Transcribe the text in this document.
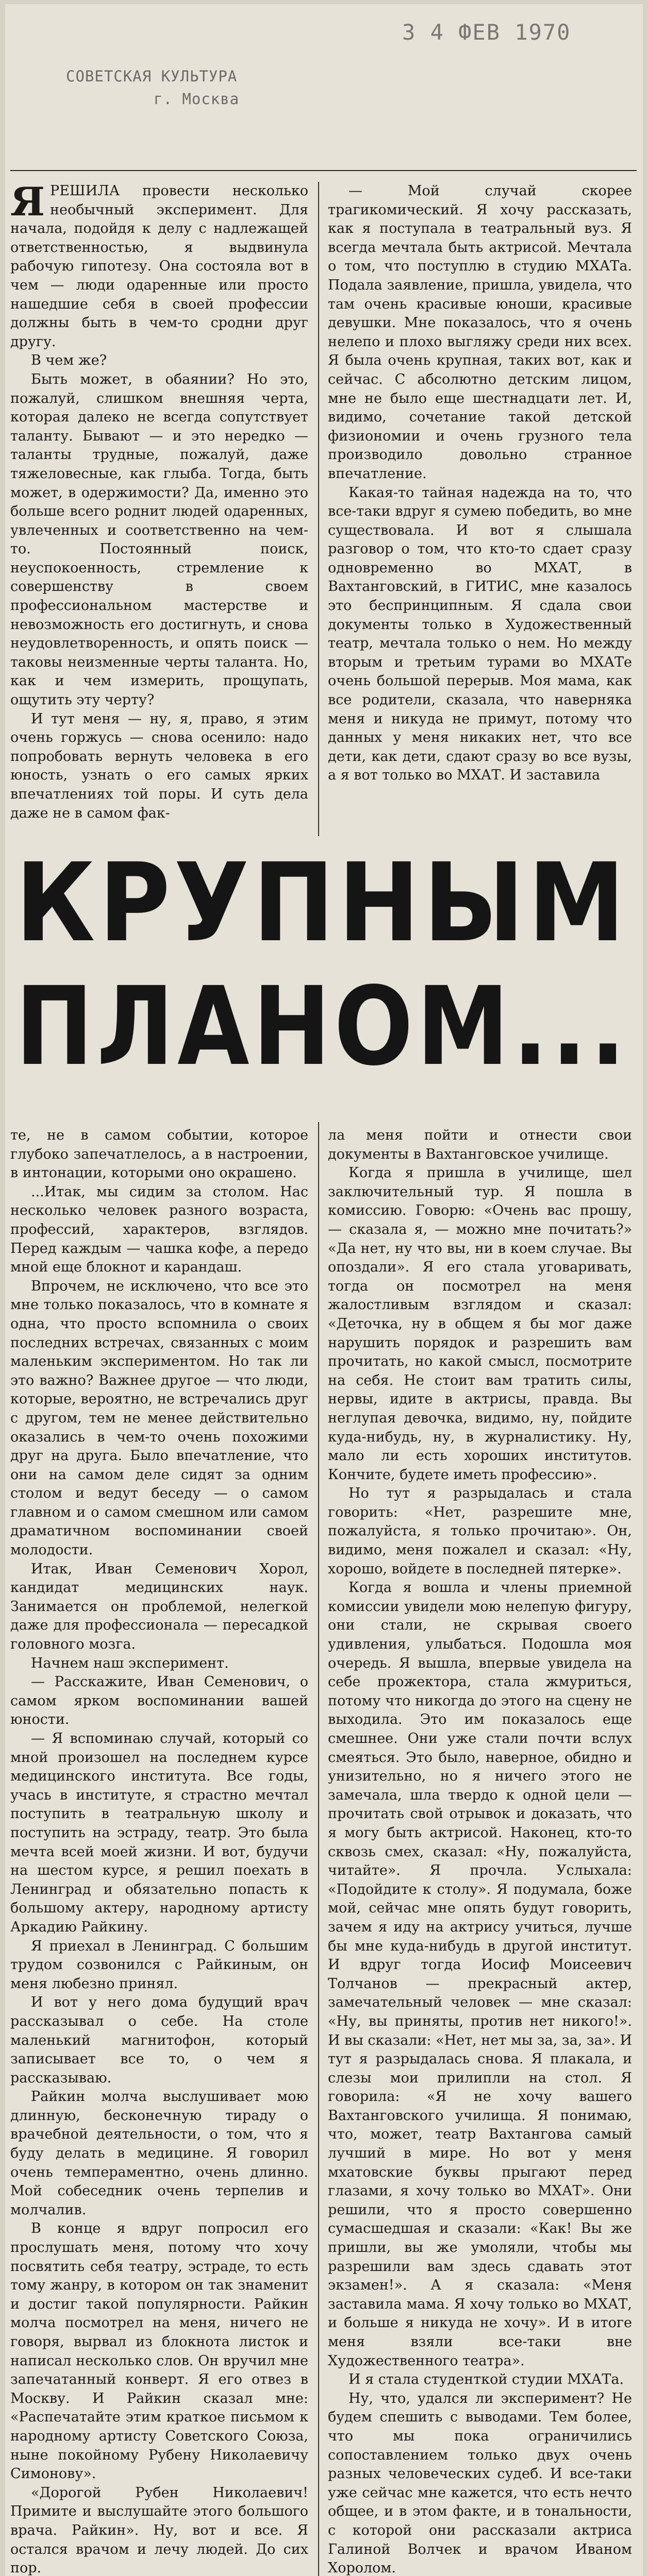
3 4 ФЕВ 1970
СОВЕТСКАЯ КУЛЬТУРА
г. Москва

ЯРЕШИЛА провести несколько необычный эксперимент. Для начала, подойдя к делу с надлежащей ответственностью, я выдвинула рабочую гипотезу. Она состояла вот в чем — люди одаренные или просто нашедшие себя в своей профессии должны быть в чем-то сродни друг другу.

В чем же?

Быть может, в обаянии? Но это, пожалуй, слишком внешняя черта, которая далеко не всегда сопутствует таланту. Бывают — и это нередко — таланты трудные, пожалуй, даже тяжеловесные, как глыба. Тогда, быть может, в одержимости? Да, именно это больше всего роднит людей одаренных, увлеченных и соответственно на чем-то. Постоянный поиск, неуспокоенность, стремление к совершенству в своем профессиональном мастерстве и невозможность его достигнуть, и снова неудовлетворенность, и опять поиск — таковы неизменные черты таланта. Но, как и чем измерить, прощупать, ощутить эту черту?

И тут меня — ну, я, право, я этим очень горжусь — снова осенило: надо попробовать вернуть человека в его юность, узнать о его самых ярких впечатлениях той поры. И суть дела даже не в самом фак-

— Мой случай скорее трагикомический. Я хочу рассказать, как я поступала в театральный вуз. Я всегда мечтала быть актрисой. Мечтала о том, что поступлю в студию МХАТа. Подала заявление, пришла, увидела, что там очень красивые юноши, красивые девушки. Мне показалось, что я очень нелепо и плохо выгляжу среди них всех. Я была очень крупная, таких вот, как и сейчас. С абсолютно детским лицом, мне не было еще шестнадцати лет. И, видимо, сочетание такой детской физиономии и очень грузного тела производило довольно странное впечатление.

Какая-то тайная надежда на то, что все-таки вдруг я сумею победить, во мне существовала. И вот я слышала разговор о том, что кто-то сдает сразу одновременно во МХАТ, в Вахтанговский, в ГИТИС, мне казалось это беспринципным. Я сдала свои документы только в Художественный театр, мечтала только о нем. Но между вторым и третьим турами во МХАТе очень большой перерыв. Моя мама, как все родители, сказала, что наверняка меня и никуда не примут, потому что данных у меня никаких нет, что все дети, как дети, сдают сразу во все вузы, а я вот только во МХАТ. И заставила

КРУПНЫМ
ПЛАНОМ...

те, не в самом событии, которое глубоко запечатлелось, а в настроении, в интонации, которыми оно окрашено.

...Итак, мы сидим за столом. Нас несколько человек разного возраста, профессий, характеров, взглядов. Перед каждым — чашка кофе, а передо мной еще блокнот и карандаш.

Впрочем, не исключено, что все это мне только показалось, что в комнате я одна, что просто вспомнила о своих последних встречах, связанных с моим маленьким экспериментом. Но так ли это важно? Важнее другое — что люди, которые, вероятно, не встречались друг с другом, тем не менее действительно оказались в чем-то очень похожими друг на друга. Было впечатление, что они на самом деле сидят за одним столом и ведут беседу — о самом главном и о самом смешном или самом драматичном воспоминании своей молодости.

Итак, Иван Семенович Хорол, кандидат медицинских наук. Занимается он проблемой, нелегкой даже для профессионала — пересадкой головного мозга.

Начнем наш эксперимент.

— Расскажите, Иван Семенович, о самом ярком воспоминании вашей юности.

— Я вспоминаю случай, который со мной произошел на последнем курсе медицинского института. Все годы, учась в институте, я страстно мечтал поступить в театральную школу и поступить на эстраду, театр. Это была мечта всей моей жизни. И вот, будучи на шестом курсе, я решил поехать в Ленинград и обязательно попасть к большому актеру, народному артисту Аркадию Райкину.

Я приехал в Ленинград. С большим трудом созвонился с Райкиным, он меня любезно принял.

И вот у него дома будущий врач рассказывал о себе. На столе маленький магнитофон, который записывает все то, о чем я рассказываю.

Райкин молча выслушивает мою длинную, бесконечную тираду о врачебной деятельности, о том, что я буду делать в медицине. Я говорил очень темпераментно, очень длинно. Мой собеседник очень терпелив и молчалив.

В конце я вдруг попросил его прослушать меня, потому что хочу посвятить себя театру, эстраде, то есть тому жанру, в котором он так знаменит и достиг такой популярности. Райкин молча посмотрел на меня, ничего не говоря, вырвал из блокнота листок и написал несколько слов. Он вручил мне запечатанный конверт. Я его отвез в Москву. И Райкин сказал мне: «Распечатайте этим краткое письмом к народному артисту Советского Союза, ныне покойному Рубену Николаевичу Симонову».

«Дорогой Рубен Николаевич! Примите и выслушайте этого большого врача. Райкин». Ну, вот и все. Я остался врачом и лечу людей. До сих пор.

ла меня пойти и отнести свои документы в Вахтанговское училище.

Когда я пришла в училище, шел заключительный тур. Я пошла в комиссию. Говорю: «Очень вас прошу, — сказала я, — можно мне почитать?» «Да нет, ну что вы, ни в коем случае. Вы опоздали». Я его стала уговаривать, тогда он посмотрел на меня жалостливым взглядом и сказал: «Деточка, ну в общем я бы мог даже нарушить порядок и разрешить вам прочитать, но какой смысл, посмотрите на себя. Не стоит вам тратить силы, нервы, идите в актрисы, правда. Вы неглупая девочка, видимо, ну, пойдите куда-нибудь, ну, в журналистику. Ну, мало ли есть хороших институтов. Кончите, будете иметь профессию».

Но тут я разрыдалась и стала говорить: «Нет, разрешите мне, пожалуйста, я только прочитаю». Он, видимо, меня пожалел и сказал: «Ну, хорошо, войдете в последней пятерке».

Когда я вошла и члены приемной комиссии увидели мою нелепую фигуру, они стали, не скрывая своего удивления, улыбаться. Подошла моя очередь. Я вышла, впервые увидела на себе прожектора, стала жмуриться, потому что никогда до этого на сцену не выходила. Это им показалось еще смешнее. Они уже стали почти вслух смеяться. Это было, наверное, обидно и унизительно, но я ничего этого не замечала, шла твердо к одной цели — прочитать свой отрывок и доказать, что я могу быть актрисой. Наконец, кто-то сквозь смех, сказал: «Ну, пожалуйста, читайте». Я прочла. Услыхала: «Подойдите к столу». Я подумала, боже мой, сейчас мне опять будут говорить, зачем я иду на актрису учиться, лучше бы мне куда-нибудь в другой институт. И вдруг тогда Иосиф Моисеевич Толчанов — прекрасный актер, замечательный человек — мне сказал: «Ну, вы приняты, против нет никого!». И вы сказали: «Нет, нет мы за, за, за». И тут я разрыдалась снова. Я плакала, и слезы мои прилипли на стол. Я говорила: «Я не хочу вашего Вахтанговского училища. Я понимаю, что, может, театр Вахтангова самый лучший в мире. Но вот у меня мхатовские буквы прыгают перед глазами, я хочу только во МХАТ». Они решили, что я просто совершенно сумасшедшая и сказали: «Как! Вы же пришли, вы же умоляли, чтобы мы разрешили вам здесь сдавать этот экзамен!». А я сказала: «Меня заставила мама. Я хочу только во МХАТ, и больше я никуда не хочу». И в итоге меня взяли все-таки вне Художественного театра».

И я стала студенткой студии МХАТа.

Ну, что, удался ли эксперимент? Не будем спешить с выводами. Тем более, что мы пока ограничились сопоставлением только двух очень разных человеческих судеб. И все-таки уже сейчас мне кажется, что есть нечто общее, и в этом факте, и в тональности, с которой они рассказали актриса Галиной Волчек и врачом Иваном Хоролом.
